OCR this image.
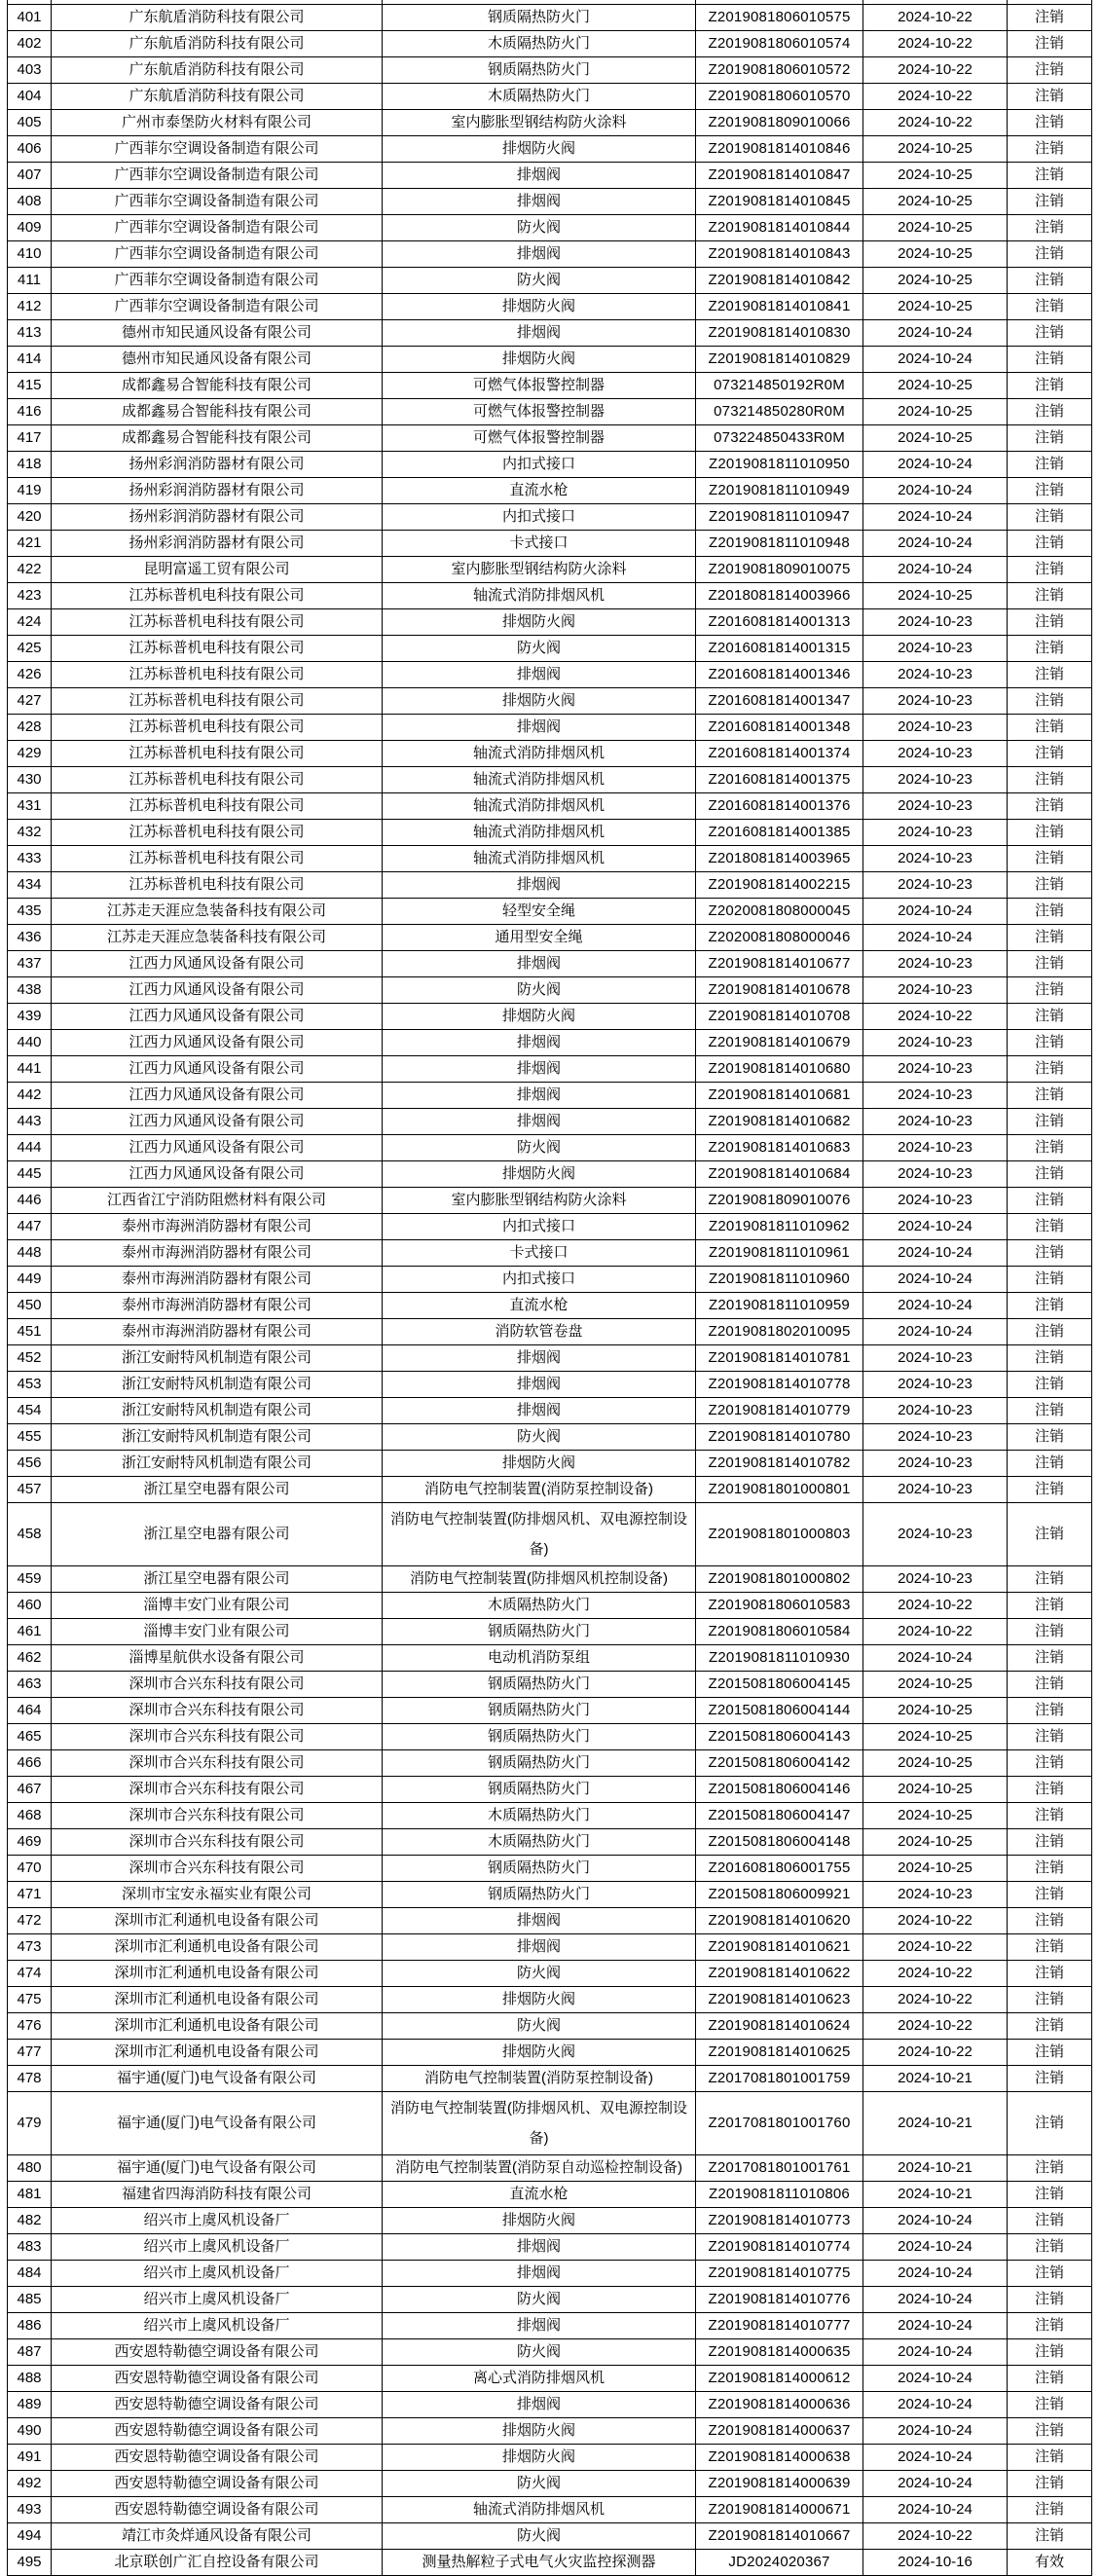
401	广东航盾消防科技有限公司	钢质隔热防火门	Z2019081806010575	2024-10-22	注销
402	广东航盾消防科技有限公司	木质隔热防火门	Z2019081806010574	2024-10-22	注销
403	广东航盾消防科技有限公司	钢质隔热防火门	Z2019081806010572	2024-10-22	注销
404	广东航盾消防科技有限公司	木质隔热防火门	Z2019081806010570	2024-10-22	注销
405	广州市泰堡防火材料有限公司	室内膨胀型钢结构防火涂料	Z2019081809010066	2024-10-22	注销
406	广西菲尔空调设备制造有限公司	排烟防火阀	Z2019081814010846	2024-10-25	注销
407	广西菲尔空调设备制造有限公司	排烟阀	Z2019081814010847	2024-10-25	注销
408	广西菲尔空调设备制造有限公司	排烟阀	Z2019081814010845	2024-10-25	注销
409	广西菲尔空调设备制造有限公司	防火阀	Z2019081814010844	2024-10-25	注销
410	广西菲尔空调设备制造有限公司	排烟阀	Z2019081814010843	2024-10-25	注销
411	广西菲尔空调设备制造有限公司	防火阀	Z2019081814010842	2024-10-25	注销
412	广西菲尔空调设备制造有限公司	排烟防火阀	Z2019081814010841	2024-10-25	注销
413	德州市知民通风设备有限公司	排烟阀	Z2019081814010830	2024-10-24	注销
414	德州市知民通风设备有限公司	排烟防火阀	Z2019081814010829	2024-10-24	注销
415	成都鑫易合智能科技有限公司	可燃气体报警控制器	073214850192R0M	2024-10-25	注销
416	成都鑫易合智能科技有限公司	可燃气体报警控制器	073214850280R0M	2024-10-25	注销
417	成都鑫易合智能科技有限公司	可燃气体报警控制器	073224850433R0M	2024-10-25	注销
418	扬州彩润消防器材有限公司	内扣式接口	Z2019081811010950	2024-10-24	注销
419	扬州彩润消防器材有限公司	直流水枪	Z2019081811010949	2024-10-24	注销
420	扬州彩润消防器材有限公司	内扣式接口	Z2019081811010947	2024-10-24	注销
421	扬州彩润消防器材有限公司	卡式接口	Z2019081811010948	2024-10-24	注销
422	昆明富遥工贸有限公司	室内膨胀型钢结构防火涂料	Z2019081809010075	2024-10-24	注销
423	江苏标普机电科技有限公司	轴流式消防排烟风机	Z2018081814003966	2024-10-25	注销
424	江苏标普机电科技有限公司	排烟防火阀	Z2016081814001313	2024-10-23	注销
425	江苏标普机电科技有限公司	防火阀	Z2016081814001315	2024-10-23	注销
426	江苏标普机电科技有限公司	排烟阀	Z2016081814001346	2024-10-23	注销
427	江苏标普机电科技有限公司	排烟防火阀	Z2016081814001347	2024-10-23	注销
428	江苏标普机电科技有限公司	排烟阀	Z2016081814001348	2024-10-23	注销
429	江苏标普机电科技有限公司	轴流式消防排烟风机	Z2016081814001374	2024-10-23	注销
430	江苏标普机电科技有限公司	轴流式消防排烟风机	Z2016081814001375	2024-10-23	注销
431	江苏标普机电科技有限公司	轴流式消防排烟风机	Z2016081814001376	2024-10-23	注销
432	江苏标普机电科技有限公司	轴流式消防排烟风机	Z2016081814001385	2024-10-23	注销
433	江苏标普机电科技有限公司	轴流式消防排烟风机	Z2018081814003965	2024-10-23	注销
434	江苏标普机电科技有限公司	排烟阀	Z2019081814002215	2024-10-23	注销
435	江苏走天涯应急装备科技有限公司	轻型安全绳	Z2020081808000045	2024-10-24	注销
436	江苏走天涯应急装备科技有限公司	通用型安全绳	Z2020081808000046	2024-10-24	注销
437	江西力风通风设备有限公司	排烟阀	Z2019081814010677	2024-10-23	注销
438	江西力风通风设备有限公司	防火阀	Z2019081814010678	2024-10-23	注销
439	江西力风通风设备有限公司	排烟防火阀	Z2019081814010708	2024-10-22	注销
440	江西力风通风设备有限公司	排烟阀	Z2019081814010679	2024-10-23	注销
441	江西力风通风设备有限公司	排烟阀	Z2019081814010680	2024-10-23	注销
442	江西力风通风设备有限公司	排烟阀	Z2019081814010681	2024-10-23	注销
443	江西力风通风设备有限公司	排烟阀	Z2019081814010682	2024-10-23	注销
444	江西力风通风设备有限公司	防火阀	Z2019081814010683	2024-10-23	注销
445	江西力风通风设备有限公司	排烟防火阀	Z2019081814010684	2024-10-23	注销
446	江西省江宁消防阻燃材料有限公司	室内膨胀型钢结构防火涂料	Z2019081809010076	2024-10-23	注销
447	泰州市海洲消防器材有限公司	内扣式接口	Z2019081811010962	2024-10-24	注销
448	泰州市海洲消防器材有限公司	卡式接口	Z2019081811010961	2024-10-24	注销
449	泰州市海洲消防器材有限公司	内扣式接口	Z2019081811010960	2024-10-24	注销
450	泰州市海洲消防器材有限公司	直流水枪	Z2019081811010959	2024-10-24	注销
451	泰州市海洲消防器材有限公司	消防软管卷盘	Z2019081802010095	2024-10-24	注销
452	浙江安耐特风机制造有限公司	排烟阀	Z2019081814010781	2024-10-23	注销
453	浙江安耐特风机制造有限公司	排烟阀	Z2019081814010778	2024-10-23	注销
454	浙江安耐特风机制造有限公司	排烟阀	Z2019081814010779	2024-10-23	注销
455	浙江安耐特风机制造有限公司	防火阀	Z2019081814010780	2024-10-23	注销
456	浙江安耐特风机制造有限公司	排烟防火阀	Z2019081814010782	2024-10-23	注销
457	浙江星空电器有限公司	消防电气控制装置(消防泵控制设备)	Z2019081801000801	2024-10-23	注销
458	浙江星空电器有限公司	消防电气控制装置(防排烟风机、双电源控制设备)	Z2019081801000803	2024-10-23	注销
459	浙江星空电器有限公司	消防电气控制装置(防排烟风机控制设备)	Z2019081801000802	2024-10-23	注销
460	淄博丰安门业有限公司	木质隔热防火门	Z2019081806010583	2024-10-22	注销
461	淄博丰安门业有限公司	钢质隔热防火门	Z2019081806010584	2024-10-22	注销
462	淄博星航供水设备有限公司	电动机消防泵组	Z2019081811010930	2024-10-24	注销
463	深圳市合兴东科技有限公司	钢质隔热防火门	Z2015081806004145	2024-10-25	注销
464	深圳市合兴东科技有限公司	钢质隔热防火门	Z2015081806004144	2024-10-25	注销
465	深圳市合兴东科技有限公司	钢质隔热防火门	Z2015081806004143	2024-10-25	注销
466	深圳市合兴东科技有限公司	钢质隔热防火门	Z2015081806004142	2024-10-25	注销
467	深圳市合兴东科技有限公司	钢质隔热防火门	Z2015081806004146	2024-10-25	注销
468	深圳市合兴东科技有限公司	木质隔热防火门	Z2015081806004147	2024-10-25	注销
469	深圳市合兴东科技有限公司	木质隔热防火门	Z2015081806004148	2024-10-25	注销
470	深圳市合兴东科技有限公司	钢质隔热防火门	Z2016081806001755	2024-10-25	注销
471	深圳市宝安永福实业有限公司	钢质隔热防火门	Z2015081806009921	2024-10-23	注销
472	深圳市汇利通机电设备有限公司	排烟阀	Z2019081814010620	2024-10-22	注销
473	深圳市汇利通机电设备有限公司	排烟阀	Z2019081814010621	2024-10-22	注销
474	深圳市汇利通机电设备有限公司	防火阀	Z2019081814010622	2024-10-22	注销
475	深圳市汇利通机电设备有限公司	排烟防火阀	Z2019081814010623	2024-10-22	注销
476	深圳市汇利通机电设备有限公司	防火阀	Z2019081814010624	2024-10-22	注销
477	深圳市汇利通机电设备有限公司	排烟防火阀	Z2019081814010625	2024-10-22	注销
478	福宇通(厦门)电气设备有限公司	消防电气控制装置(消防泵控制设备)	Z2017081801001759	2024-10-21	注销
479	福宇通(厦门)电气设备有限公司	消防电气控制装置(防排烟风机、双电源控制设备)	Z2017081801001760	2024-10-21	注销
480	福宇通(厦门)电气设备有限公司	消防电气控制装置(消防泵自动巡检控制设备)	Z2017081801001761	2024-10-21	注销
481	福建省四海消防科技有限公司	直流水枪	Z2019081811010806	2024-10-21	注销
482	绍兴市上虞风机设备厂	排烟防火阀	Z2019081814010773	2024-10-24	注销
483	绍兴市上虞风机设备厂	排烟阀	Z2019081814010774	2024-10-24	注销
484	绍兴市上虞风机设备厂	排烟阀	Z2019081814010775	2024-10-24	注销
485	绍兴市上虞风机设备厂	防火阀	Z2019081814010776	2024-10-24	注销
486	绍兴市上虞风机设备厂	排烟阀	Z2019081814010777	2024-10-24	注销
487	西安恩特勒德空调设备有限公司	防火阀	Z2019081814000635	2024-10-24	注销
488	西安恩特勒德空调设备有限公司	离心式消防排烟风机	Z2019081814000612	2024-10-24	注销
489	西安恩特勒德空调设备有限公司	排烟阀	Z2019081814000636	2024-10-24	注销
490	西安恩特勒德空调设备有限公司	排烟防火阀	Z2019081814000637	2024-10-24	注销
491	西安恩特勒德空调设备有限公司	排烟防火阀	Z2019081814000638	2024-10-24	注销
492	西安恩特勒德空调设备有限公司	防火阀	Z2019081814000639	2024-10-24	注销
493	西安恩特勒德空调设备有限公司	轴流式消防排烟风机	Z2019081814000671	2024-10-24	注销
494	靖江市灸烊通风设备有限公司	防火阀	Z2019081814010667	2024-10-22	注销
495	北京联创广汇自控设备有限公司	测量热解粒子式电气火灾监控探测器	JD2024020367	2024-10-16	有效
